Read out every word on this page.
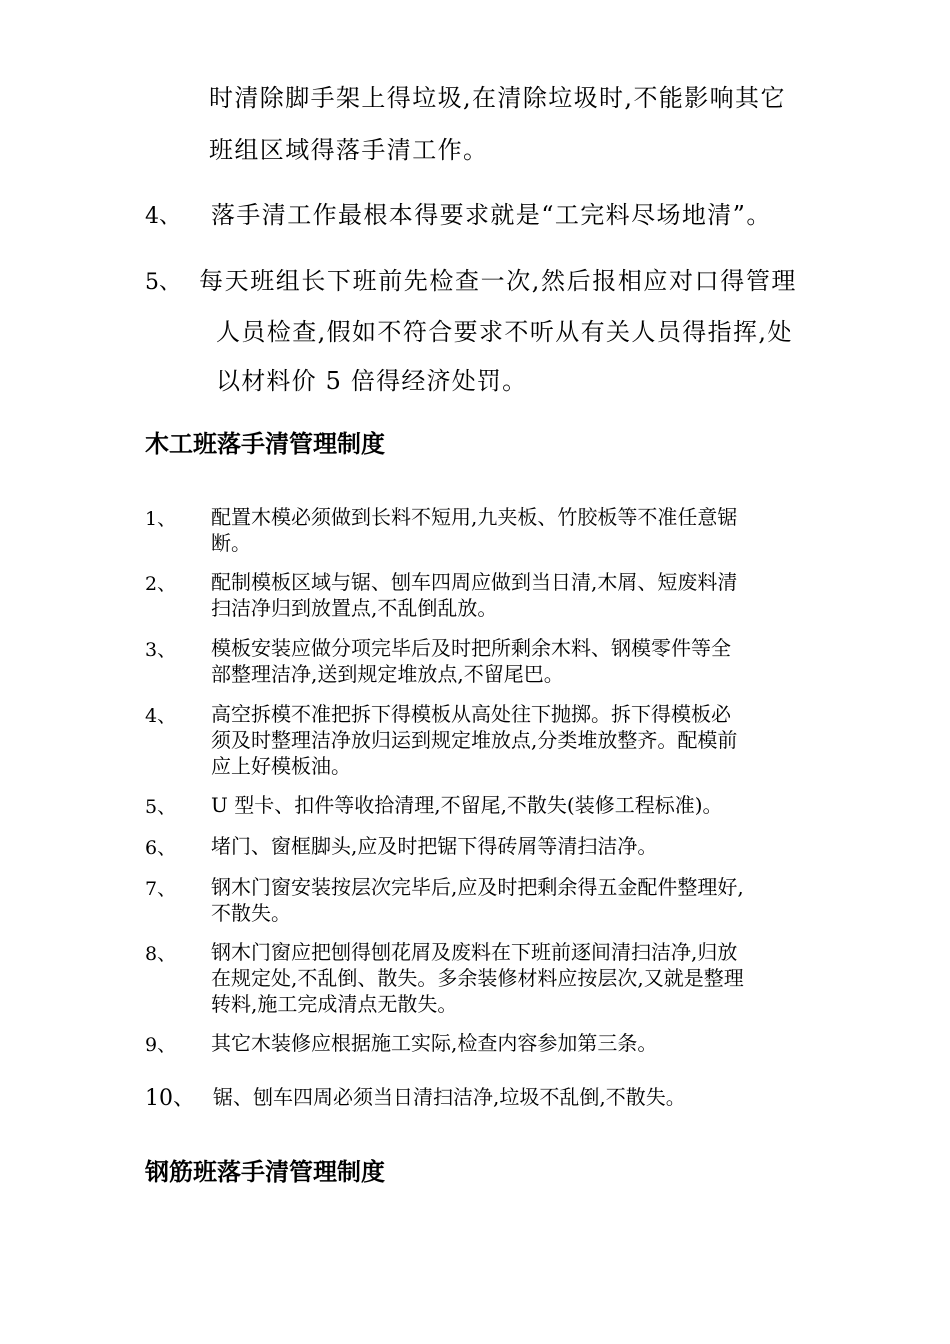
时清除脚手架上得垃圾,在清除垃圾时,不能影响其它
班组区域得落手清工作。
4、 落手清工作最根本得要求就是“工完料尽场地清”。
5、 每天班组长下班前先检查一次,然后报相应对口得管理
人员检查,假如不符合要求不听从有关人员得指挥,处
以材料价 5 倍得经济处罚。
木工班落手清管理制度
1、 配置木模必须做到长料不短用,九夹板、竹胶板等不准任意锯
断。
2、 配制模板区域与锯、刨车四周应做到当日清,木屑、短废料清
扫洁净归到放置点,不乱倒乱放。
3、 模板安装应做分项完毕后及时把所剩余木料、钢模零件等全
部整理洁净,送到规定堆放点,不留尾巴。
4、 高空拆模不准把拆下得模板从高处往下抛掷。拆下得模板必
须及时整理洁净放归运到规定堆放点,分类堆放整齐。配模前
应上好模板油。
5、 U 型卡、扣件等收拾清理,不留尾,不散失(装修工程标准)。
6、 堵门、窗框脚头,应及时把锯下得砖屑等清扫洁净。
7、 钢木门窗安装按层次完毕后,应及时把剩余得五金配件整理好,
不散失。
8、 钢木门窗应把刨得刨花屑及废料在下班前逐间清扫洁净,归放
在规定处,不乱倒、散失。多余装修材料应按层次,又就是整理
转料,施工完成清点无散失。
9、 其它木装修应根据施工实际,检查内容参加第三条。
10、 锯、刨车四周必须当日清扫洁净,垃圾不乱倒,不散失。
钢筋班落手清管理制度
